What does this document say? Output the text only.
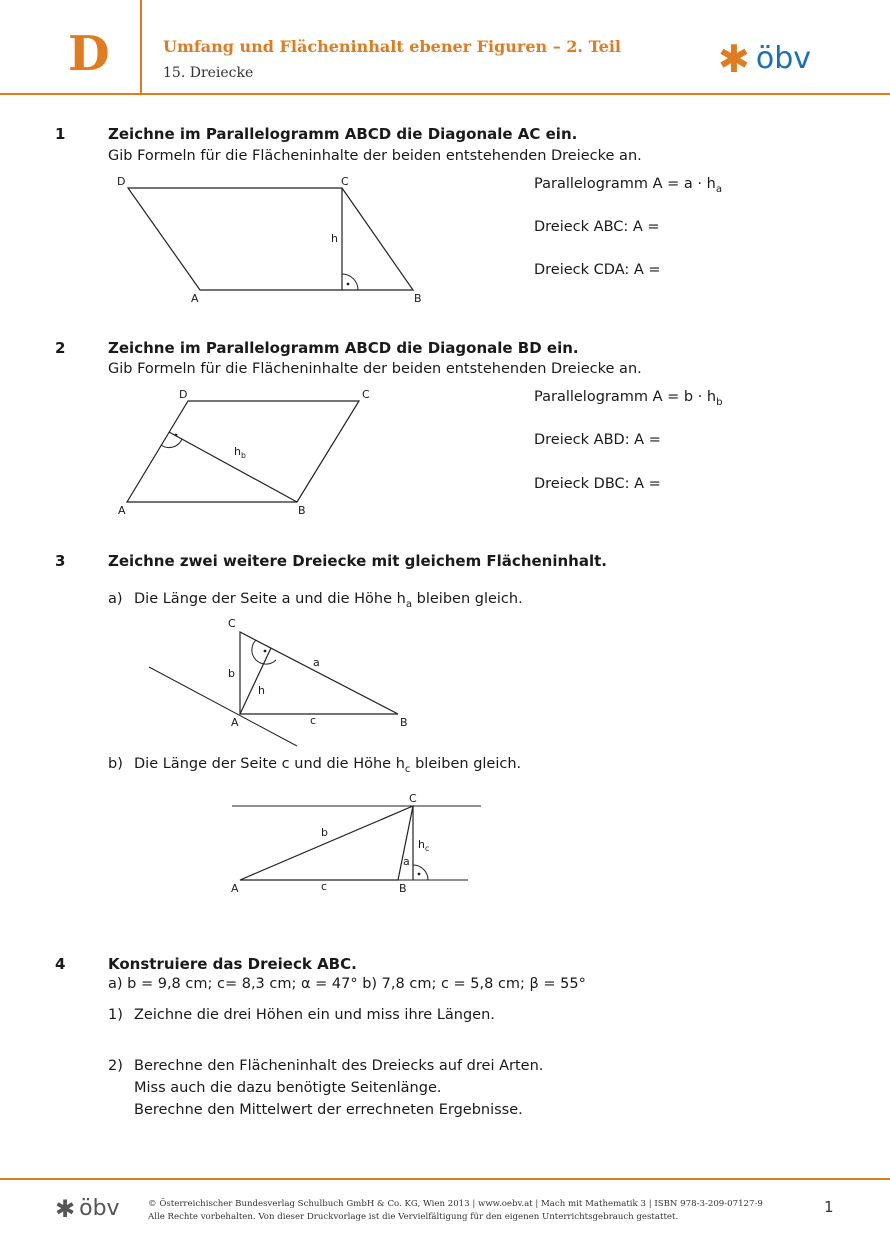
D	Umfang und Flächeninhalt ebener Figuren – 2. Teil
15. Dreiecke	✱ öbv
1	Zeichne im Parallelogramm ABCD die Diagonale AC ein.
Gib Formeln für die Flächeninhalte der beiden entstehenden Dreiecke an.
D	C
A	B
h
Parallelogramm $A = a \cdot h_a$
Dreieck ABC: A =
Dreieck CDA: A =
2	Zeichne im Parallelogramm ABCD die Diagonale BD ein.
Gib Formeln für die Flächeninhalte der beiden entstehenden Dreiecke an.
D	C
A	B
$h_b$
Parallelogramm $A = b \cdot h_b$
Dreieck ABD: A =
Dreieck DBC: A =
3	Zeichne zwei weitere Dreiecke mit gleichem Flächeninhalt.
a) Die Länge der Seite a und die Höhe $h_a$ bleiben gleich.
C
A	B
a
b
c
h
b) Die Länge der Seite c und die Höhe $h_c$ bleiben gleich.
C
A	B
a
b
c
$h_c$
4	Konstruiere das Dreieck ABC.
a) b = 9,8 cm; c= 8,3 cm; α = 47° b) 7,8 cm; c = 5,8 cm; β = 55°
1) Zeichne die drei Höhen ein und miss ihre Längen.
2) Berechne den Flächeninhalt des Dreiecks auf drei Arten.
Miss auch die dazu benötigte Seitenlänge.
Berechne den Mittelwert der errechneten Ergebnisse.
✱ öbv	© Österreichischer Bundesverlag Schulbuch GmbH & Co. KG, Wien 2013 | www.oebv.at | Mach mit Mathematik 3 | ISBN 978-3-209-07127-9
Alle Rechte vorbehalten. Von dieser Druckvorlage ist die Vervielfältigung für den eigenen Unterrichtsgebrauch gestattet.
1
